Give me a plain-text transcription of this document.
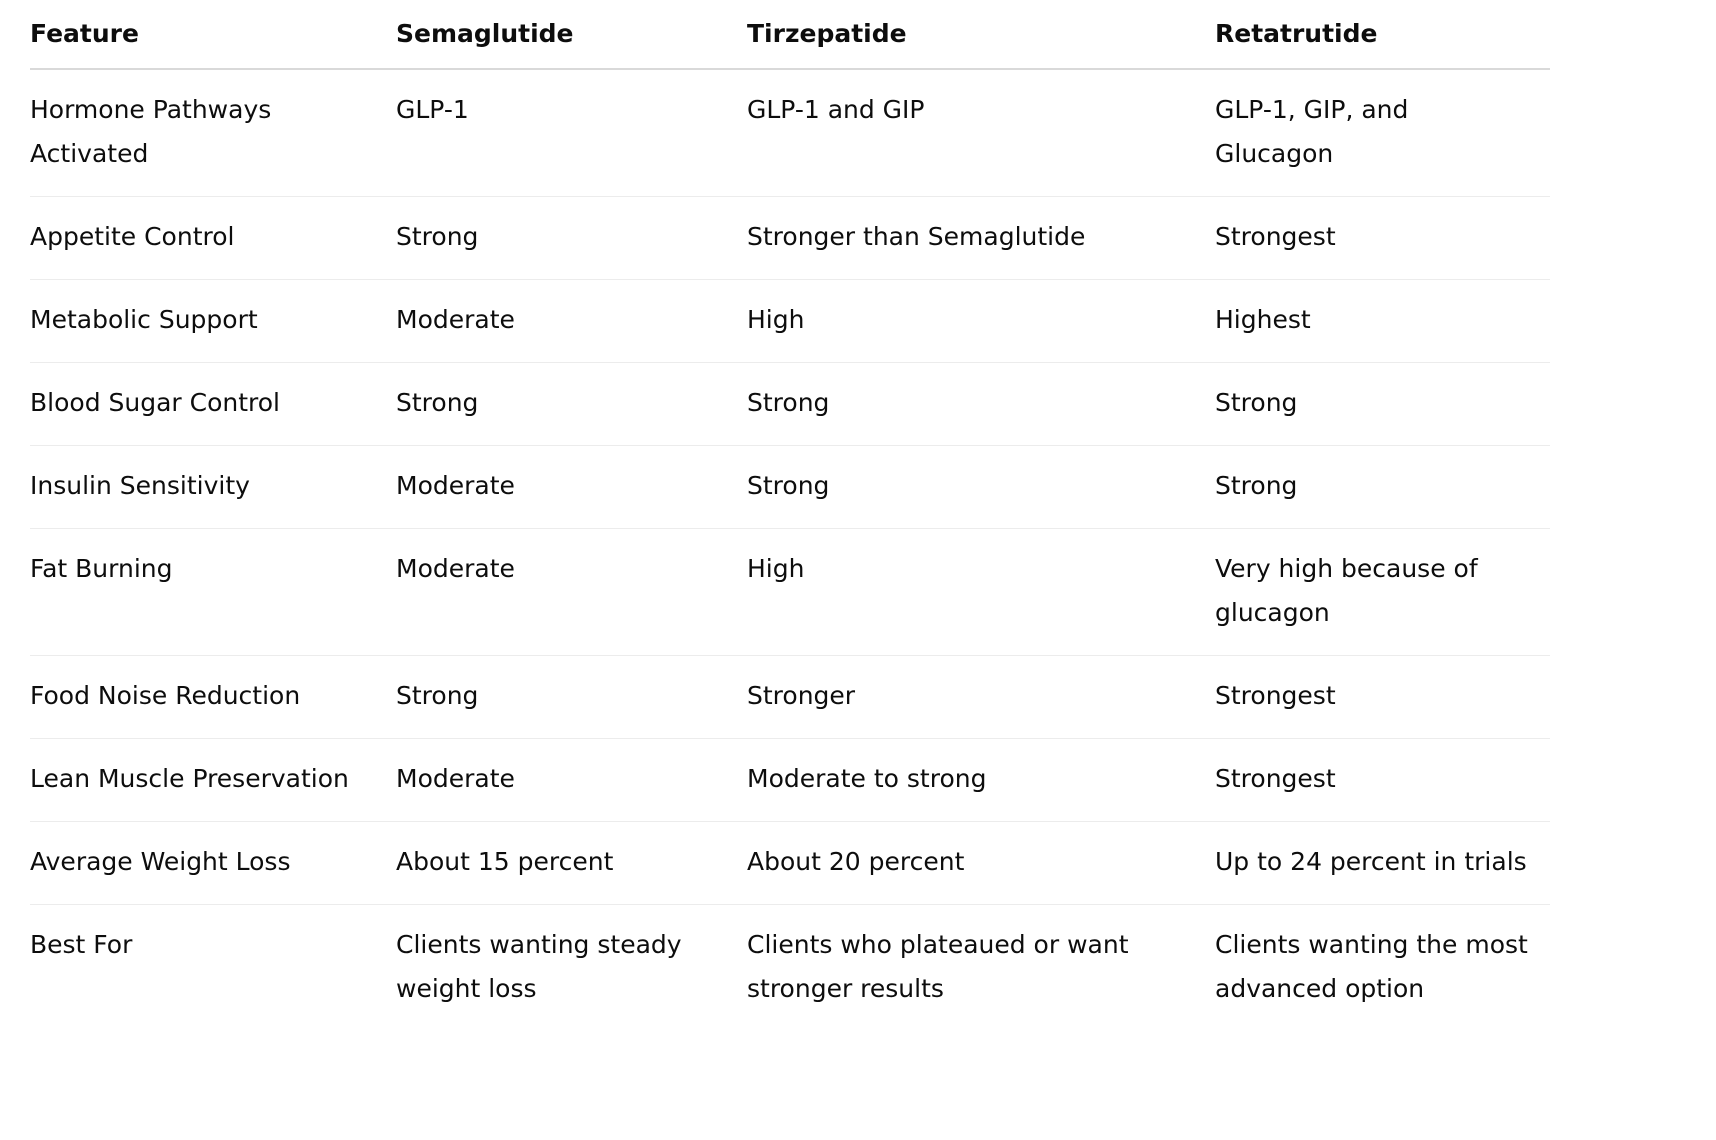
Feature	Semaglutide	Tirzepatide	Retatrutide
Hormone Pathways Activated	GLP-1	GLP-1 and GIP	GLP-1, GIP, and Glucagon
Appetite Control	Strong	Stronger than Semaglutide	Strongest
Metabolic Support	Moderate	High	Highest
Blood Sugar Control	Strong	Strong	Strong
Insulin Sensitivity	Moderate	Strong	Strong
Fat Burning	Moderate	High	Very high because of glucagon
Food Noise Reduction	Strong	Stronger	Strongest
Lean Muscle Preservation	Moderate	Moderate to strong	Strongest
Average Weight Loss	About 15 percent	About 20 percent	Up to 24 percent in trials
Best For	Clients wanting steady weight loss	Clients who plateaued or want stronger results	Clients wanting the most advanced option
